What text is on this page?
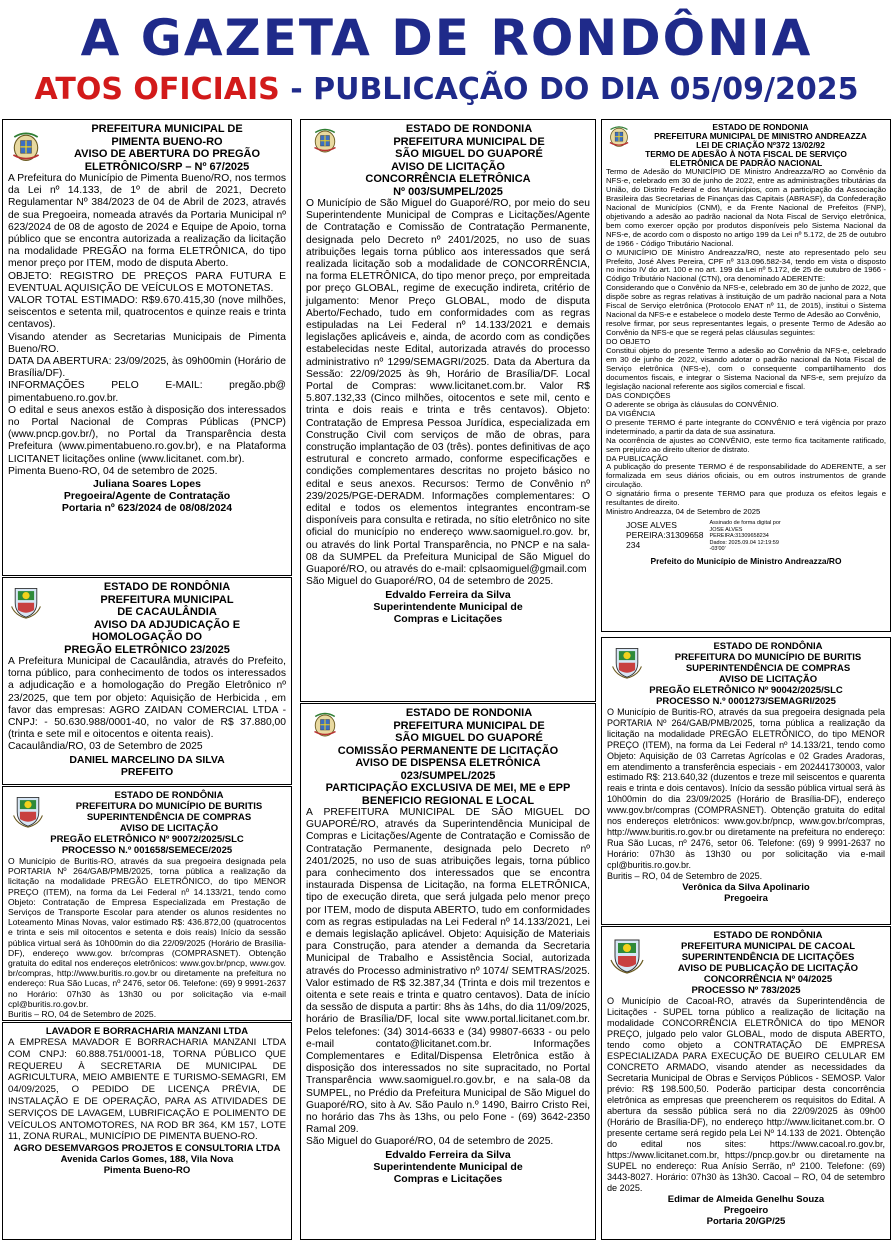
A GAZETA DE RONDÔNIA
ATOS OFICIAIS - PUBLICAÇÃO DO DIA 05/09/2025

PREFEITURA MUNICIPAL DE

PIMENTA BUENO-RO

AVISO DE ABERTURA DO PREGÃO

ELETRÔNICO/SRP – Nº 67/2025

A Prefeitura do Município de Pimenta Bueno/RO, nos termos da Lei nº 14.133, de 1º de abril de 2021, Decreto Regulamentar Nº 384/2023 de 04 de Abril de 2023, através de sua Pregoeira, nomeada através da Portaria Municipal nº 623/2024 de 08 de agosto de 2024 e Equipe de Apoio, torna público que se encontra autorizada a realização da licitação na modalidade PREGÃO na forma ELETRÔNICA, do tipo menor preço por ITEM, modo de disputa Aberto.

OBJETO: REGISTRO DE PREÇOS PARA FUTURA E EVENTUAL AQUISIÇÃO DE VEÍCULOS E MOTONETAS.

VALOR TOTAL ESTIMADO: R$9.670.415,30 (nove milhões, seiscentos e setenta mil, quatrocentos e quinze reais e trinta centavos).

Visando atender as Secretarias Municipais de Pimenta Bueno/RO.

DATA DA ABERTURA: 23/09/2025, às 09h00min (Horário de Brasília/DF).

INFORMAÇÕES PELO E-MAIL: pregão.pb@ pimentabueno.ro.gov.br.

O edital e seus anexos estão à disposição dos interessados no Portal Nacional de Compras Públicas (PNCP) (www.pncp.gov.br/), no Portal da Transparência desta Prefeitura (www.pimentabueno.ro.gov.br), e na Plataforma LICITANET licitações online (www.licitanet. com.br).

Pimenta Bueno-RO, 04 de setembro de 2025.

Juliana Soares Lopes

Pregoeira/Agente de Contratação

Portaria nº 623/2024 de 08/08/2024

ESTADO DE RONDÔNIA

PREFEITURA MUNICIPAL

DE CACAULÂNDIA

AVISO DA ADJUDICAÇÃO E HOMOLOGAÇÃO DO

PREGÃO ELETRÔNICO 23/2025

A Prefeitura Municipal de Cacaulândia, através do Prefeito, torna público, para conhecimento de todos os interessados a adjudicação e a homologação do Pregão Eletrônico nº 23/2025, que tem por objeto: Aquisição de Herbicida , em favor das empresas: AGRO ZAIDAN COMERCIAL LTDA - CNPJ: - 50.630.988/0001-40, no valor de R$ 37.880,00 (trinta e sete mil e oitocentos e oitenta reais).

Cacaulândia/RO, 03 de Setembro de 2025

DANIEL MARCELINO DA SILVA

PREFEITO

ESTADO DE RONDÔNIA

PREFEITURA DO MUNICÍPIO DE BURITIS

SUPERINTENDÊNCIA DE COMPRAS

AVISO DE LICITAÇÃO

PREGÃO ELETRÔNICO Nº 90072/2025/SLC

PROCESSO N.º 001658/SEMECE/2025

O Município de Buritis-RO, através da sua pregoeira designada pela PORTARIA Nº 264/GAB/PMB/2025, torna pública a realização da licitação na modalidade PREGÃO ELETRÔNICO, do tipo MENOR PREÇO (ITEM), na forma da Lei Federal nº 14.133/21, tendo como Objeto: Contratação de Empresa Especializada em Prestação de Serviços de Transporte Escolar para atender os alunos residentes no Loteamento Minas Novas, valor estimado R$: 436.872,00 (quatrocentos e trinta e seis mil oitocentos e setenta e dois reais) Início da sessão pública virtual será às 10h00min do dia 22/09/2025 (Horário de Brasília-DF), endereço www.gov. br/compras (COMPRASNET). Obtenção gratuita do edital nos endereços eletrônicos: www.gov.br/pncp, www.gov. br/compras, http://www.buritis.ro.gov.br ou diretamente na prefeitura no endereço: Rua São Lucas, nº 2476, setor 06. Telefone: (69) 9 9991-2637 no Horário: 07h30 às 13h30 ou por solicitação via e-mail cpl@buritis.ro.gov.br.

Buritis – RO, 04 de Setembro de 2025.

LAVADOR E BORRACHARIA MANZANI LTDA

A EMPRESA MAVADOR E BORRACHARIA MANZANI LTDA COM CNPJ: 60.888.751/0001-18, TORNA PÚBLICO QUE REQUEREU À SECRETARIA DE MUNICIPAL DE AGRICULTURA, MEIO AMBIENTE E TURISMO-SEMAGRI, EM 04/09/2025, O PEDIDO DE LICENÇA PRÉVIA, DE INSTALAÇÃO E DE OPERAÇÃO, PARA AS ATIVIDADES DE SERVIÇOS DE LAVAGEM, LUBRIFICAÇÃO E POLIMENTO DE VEÍCULOS ANTOMOTORES, NA ROD BR 364, KM 157, LOTE 11, ZONA RURAL, MUNICÍPIO DE PIMENTA BUENO-RO.

AGRO DESEMVARGOS PROJETOS E CONSULTORIA LTDA

Avenida Carlos Gomes, 188, Vila Nova

Pimenta Bueno-RO

ESTADO DE RONDONIA

PREFEITURA MUNICIPAL DE

SÃO MIGUEL DO GUAPORÉ

AVISO DE LICITAÇÃO

CONCORRÊNCIA ELETRÔNICA

Nº 003/SUMPEL/2025

O Município de São Miguel do Guaporé/RO, por meio do seu Superintendente Municipal de Compras e Licitações/Agente de Contratação e Comissão de Contratação Permanente, designada pelo Decreto nº 2401/2025, no uso de suas atribuições legais torna público aos interessados que será realizada licitação sob a modalidade de CONCORRÊNCIA, na forma ELETRÔNICA, do tipo menor preço, por empreitada por preço GLOBAL, regime de execução indireta, critério de julgamento: Menor Preço GLOBAL, modo de disputa Aberto/Fechado, tudo em conformidades com as regras estipuladas na Lei Federal nº 14.133/2021 e demais legislações aplicáveis e, ainda, de acordo com as condições estabelecidas neste Edital, autorizada através do processo administrativo nº 1299/SEMAGRI/2025. Data da Abertura da Sessão: 22/09/2025 às 9h, Horário de Brasília/DF. Local Portal de Compras: www.licitanet.com.br. Valor R$ 5.807.132,33 (Cinco milhões, oitocentos e sete mil, cento e trinta e dois reais e trinta e três centavos). Objeto: Contratação de Empresa Pessoa Jurídica, especializada em Construção Civil com serviços de mão de obras, para construção implantação de 03 (três). pontes definitivas de aço estrutural e concreto armado, conforme especificações e condições complementares descritas no projeto básico no edital e seus anexos. Recursos: Termo de Convênio nº 239/2025/PGE-DERADM. Informações complementares: O edital e todos os elementos integrantes encontram-se disponíveis para consulta e retirada, no sítio eletrônico no site oficial do município no endereço www.saomiguel.ro.gov. br, ou através do link Portal Transparência, no PNCP e na sala-08 da SUMPEL da Prefeitura Municipal de São Miguel do Guaporé/RO, ou através do e-mail: cplsaomiguel@gmail.com

São Miguel do Guaporé/RO, 04 de setembro de 2025.

Edvaldo Ferreira da Silva

Superintendente Municipal de

Compras e Licitações

ESTADO DE RONDONIA

PREFEITURA MUNICIPAL DE

SÃO MIGUEL DO GUAPORÉ

COMISSÃO PERMANENTE DE LICITAÇÃO

AVISO DE DISPENSA ELETRÔNICA

023/SUMPEL/2025

PARTICIPAÇÃO EXCLUSIVA DE MEI, ME e EPP

BENEFICIO REGIONAL E LOCAL

A PREFEITURA MUNICIPAL DE SÃO MIGUEL DO GUAPORÉ/RO, através da Superintendência Municipal de Compras e Licitações/Agente de Contratação e Comissão de Contratação Permanente, designada pelo Decreto nº 2401/2025, no uso de suas atribuições legais, torna público para conhecimento dos interessados que se encontra instaurada Dispensa de Licitação, na forma ELETRÔNICA, tipo de execução direta, que será julgada pelo menor preço por ITEM, modo de disputa ABERTO, tudo em conformidades com as regras estipuladas na Lei Federal nº 14.133/2021, Lei e demais legislação aplicável. Objeto: Aquisição de Materiais para Construção, para atender a demanda da Secretaria Municipal de Trabalho e Assistência Social, autorizada através do Processo administrativo nº 1074/ SEMTRAS/2025. Valor estimado de R$ 32.387,34 (Trinta e dois mil trezentos e oitenta e sete reais e trinta e quatro centavos). Data de início da sessão de disputa a partir: 8hs às 14hs, do dia 11/09/2025, horário de Brasília/DF, local site www.portal.licitanet.com.br. Pelos telefones: (34) 3014-6633 e (34) 99807-6633 - ou pelo e-mail contato@licitanet.com.br. Informações Complementares e Edital/Dispensa Eletrônica estão à disposição dos interessados no site supracitado, no Portal Transparência www.saomiguel.ro.gov.br, e na sala-08 da SUMPEL, no Prédio da Prefeitura Municipal de São Miguel do Guaporé/RO, sito à Av. São Paulo n.º 1490, Bairro Cristo Rei, no horário das 7hs às 13hs, ou pelo Fone - (69) 3642-2350 Ramal 209.

São Miguel do Guaporé/RO, 04 de setembro de 2025.

Edvaldo Ferreira da Silva

Superintendente Municipal de

Compras e Licitações

ESTADO DE RONDONIA

PREFEITURA MUNICIPAL DE MINISTRO ANDREAZZA

LEI DE CRIAÇÃO Nº372 13/02/92

TERMO DE ADESÃO À NOTA FISCAL DE SERVIÇO

ELETRÔNICA DE PADRÃO NACIONAL

Termo de Adesão do MUNICÍPIO DE Ministro Andreazza/RO ao Convênio da NFS-e, celebrado em 30 de junho de 2022, entre as administrações tributárias da União, do Distrito Federal e dos Municípios, com a participação da Associação Brasileira das Secretarias de Finanças das Capitais (ABRASF), da Confederação Nacional de Municípios (CNM), e da Frente Nacional de Prefeitos (FNP), objetivando a adesão ao padrão nacional da Nota Fiscal de Serviço eletrônica, bem como exercer opção por produtos disponíveis pelo Sistema Nacional da NFS-e, de acordo com o disposto no artigo 199 da Lei nº 5.172, de 25 de outubro de 1966 - Código Tributário Nacional.

O MUNICÍPIO DE Ministro Andreazza/RO, neste ato representado pelo seu Prefeito, José Alves Pereira, CPF nº 313.096.582-34, tendo em vista o disposto no inciso IV do art. 100 e no art. 199 da Lei nº 5.172, de 25 de outubro de 1966 - Código Tributário Nacional (CTN), ora denominado ADERENTE:

Considerando que o Convênio da NFS-e, celebrado em 30 de junho de 2022, que dispõe sobre as regras relativas à instituição de um padrão nacional para a Nota Fiscal de Serviço eletrônica (Protocolo ENAT nº 11, de 2015), institui o Sistema Nacional da NFS-e e estabelece o modelo deste Termo de Adesão ao Convênio,

resolve firmar, por seus representantes legais, o presente Termo de Adesão ao Convênio da NFS-e que se regerá pelas cláusulas seguintes:

DO OBJETO

Constitui objeto do presente Termo a adesão ao Convênio da NFS-e, celebrado em 30 de junho de 2022, visando adotar o padrão nacional da Nota Fiscal de Serviço eletrônica (NFS-e), com o consequente compartilhamento dos documentos fiscais, e integrar o Sistema Nacional da NFS-e, sem prejuízo da legislação nacional referente aos sigilos comercial e fiscal.

DAS CONDIÇÕES

O aderente se obriga às cláusulas do CONVÊNIO.

DA VIGÊNCIA

O presente TERMO é parte integrante do CONVÊNIO e terá vigência por prazo indeterminado, a partir da data de sua assinatura.

Na ocorrência de ajustes ao CONVÊNIO, este termo fica tacitamente ratificado, sem prejuízo ao direito ulterior de distrato.

DA PUBLICAÇÃO

A publicação do presente TERMO é de responsabilidade do ADERENTE, a ser formalizada em seus diários oficiais, ou em outros instrumentos de grande circulação.

O signatário firma o presente TERMO para que produza os efeitos legais e resultantes de direito.

Ministro Andreazza, 04 de Setembro de 2025

JOSE ALVES

PEREIRA:31309658

234

Assinado de forma digital por

JOSE ALVES

PEREIRA:31309658234

Dados: 2025.09.04 12:19:59

-03'00'

Prefeito do Município de Ministro Andreazza/RO

ESTADO DE RONDÔNIA

PREFEITURA DO MUNICÍPIO DE BURITIS

SUPERINTENDÊNCIA DE COMPRAS

AVISO DE LICITAÇÃO

PREGÃO ELETRÔNICO Nº 90042/2025/SLC

PROCESSO N.º 0001273/SEMAGRI/2025

O Município de Buritis-RO, através da sua pregoeira designada pela PORTARIA Nº 264/GAB/PMB/2025, torna pública a realização da licitação na modalidade PREGÃO ELETRÔNICO, do tipo MENOR PREÇO (ITEM), na forma da Lei Federal nº 14.133/21, tendo como Objeto: Aquisição de 03 Carretas Agrícolas e 02 Grades Aradoras, em atendimento a transferência especiais - em 202441730003, valor estimado R$: 213.640,32 (duzentos e treze mil seiscentos e quarenta reais e trinta e dois centavos). Início da sessão pública virtual será às 10h00min do dia 23/09/2025 (Horário de Brasília-DF), endereço www.gov.br/compras (COMPRASNET). Obtenção gratuita do edital nos endereços eletrônicos: www.gov.br/pncp, www.gov.br/compras, http://www.buritis.ro.gov.br ou diretamente na prefeitura no endereço: Rua São Lucas, nº 2476, setor 06. Telefone: (69) 9 9991-2637 no Horário: 07h30 às 13h30 ou por solicitação via e-mail cpl@buritis.ro.gov.br.

Buritis – RO, 04 de Setembro de 2025.

Verônica da Silva Apolinario

Pregoeira

ESTADO DE RONDÔNIA

PREFEITURA MUNICIPAL DE CACOAL

SUPERINTENDÊNCIA DE LICITAÇÕES

AVISO DE PUBLICAÇÃO DE LICITAÇÃO

CONCORRÊNCIA Nº 04/2025

PROCESSO Nº 783/2025

O Município de Cacoal-RO, através da Superintendência de Licitações - SUPEL torna público a realização de licitação na modalidade CONCORRÊNCIA ELETRÔNICA do tipo MENOR PREÇO, julgado pelo valor GLOBAL, modo de disputa ABERTO, tendo como objeto a CONTRATAÇÃO DE EMPRESA ESPECIALIZADA PARA EXECUÇÃO DE BUEIRO CELULAR EM CONCRETO ARMADO, visando atender as necessidades da Secretaria Municipal de Obras e Serviços Públicos - SEMOSP. Valor prévio: R$ 198.500,50. Poderão participar desta concorrência eletrônica as empresas que preencherem os requisitos do Edital. A abertura da sessão pública será no dia 22/09/2025 às 09h00 (Horário de Brasília-DF), no endereço http://www.licitanet.com.br. O presente certame será regido pela Lei Nº 14.133 de 2021. Obtenção do edital nos sites: https://www.cacoal.ro.gov.br, https://www.licitanet.com.br, https://pncp.gov.br ou diretamente na SUPEL no endereço: Rua Anísio Serrão, nº 2100. Telefone: (69) 3443-8027. Horário: 07h30 às 13h30. Cacoal – RO, 04 de setembro de 2025.

Edimar de Almeida Genelhu Souza

Pregoeiro

Portaria 20/GP/25
